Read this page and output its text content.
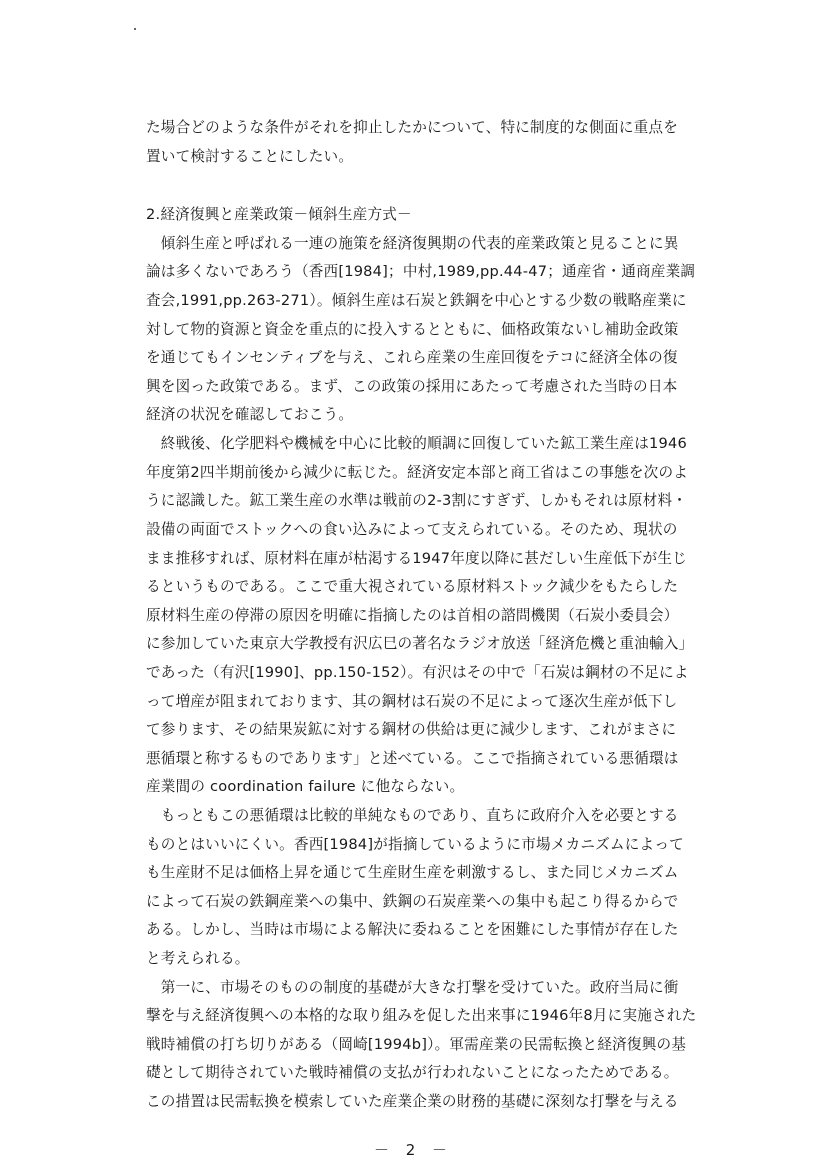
た場合どのような条件がそれを抑止したかについて、特に制度的な側面に重点を
置いて検討することにしたい。
2.経済復興と産業政策－傾斜生産方式－
　傾斜生産と呼ばれる一連の施策を経済復興期の代表的産業政策と見ることに異
論は多くないであろう（香西[1984]；中村,1989,pp.44-47；通産省・通商産業調
査会,1991,pp.263-271）。傾斜生産は石炭と鉄鋼を中心とする少数の戦略産業に
対して物的資源と資金を重点的に投入するとともに、価格政策ないし補助金政策
を通じてもインセンティブを与え、これら産業の生産回復をテコに経済全体の復
興を図った政策である。まず、この政策の採用にあたって考慮された当時の日本
経済の状況を確認しておこう。
　終戦後、化学肥料や機械を中心に比較的順調に回復していた鉱工業生産は1946
年度第2四半期前後から減少に転じた。経済安定本部と商工省はこの事態を次のよ
うに認識した。鉱工業生産の水準は戦前の2-3割にすぎず、しかもそれは原材料・
設備の両面でストックへの食い込みによって支えられている。そのため、現状の
まま推移すれば、原材料在庫が枯渇する1947年度以降に甚だしい生産低下が生じ
るというものである。ここで重大視されている原材料ストック減少をもたらした
原材料生産の停滞の原因を明確に指摘したのは首相の諮問機関（石炭小委員会）
に参加していた東京大学教授有沢広巳の著名なラジオ放送「経済危機と重油輸入」
であった（有沢[1990]、pp.150-152）。有沢はその中で「石炭は鋼材の不足によ
って増産が阻まれております、其の鋼材は石炭の不足によって逐次生産が低下し
て参ります、その結果炭鉱に対する鋼材の供給は更に減少します、これがまさに
悪循環と称するものであります」と述べている。ここで指摘されている悪循環は
産業間の coordination failure に他ならない。
　もっともこの悪循環は比較的単純なものであり、直ちに政府介入を必要とする
ものとはいいにくい。香西[1984]が指摘しているように市場メカニズムによって
も生産財不足は価格上昇を通じて生産財生産を刺激するし、また同じメカニズム
によって石炭の鉄鋼産業への集中、鉄鋼の石炭産業への集中も起こり得るからで
ある。しかし、当時は市場による解決に委ねることを困難にした事情が存在した
と考えられる。
　第一に、市場そのものの制度的基礎が大きな打撃を受けていた。政府当局に衝
撃を与え経済復興への本格的な取り組みを促した出来事に1946年8月に実施された
戦時補償の打ち切りがある（岡崎[1994b]）。軍需産業の民需転換と経済復興の基
礎として期待されていた戦時補償の支払が行われないことになったためである。
この措置は民需転換を模索していた産業企業の財務的基礎に深刻な打撃を与える
－ 2 －
